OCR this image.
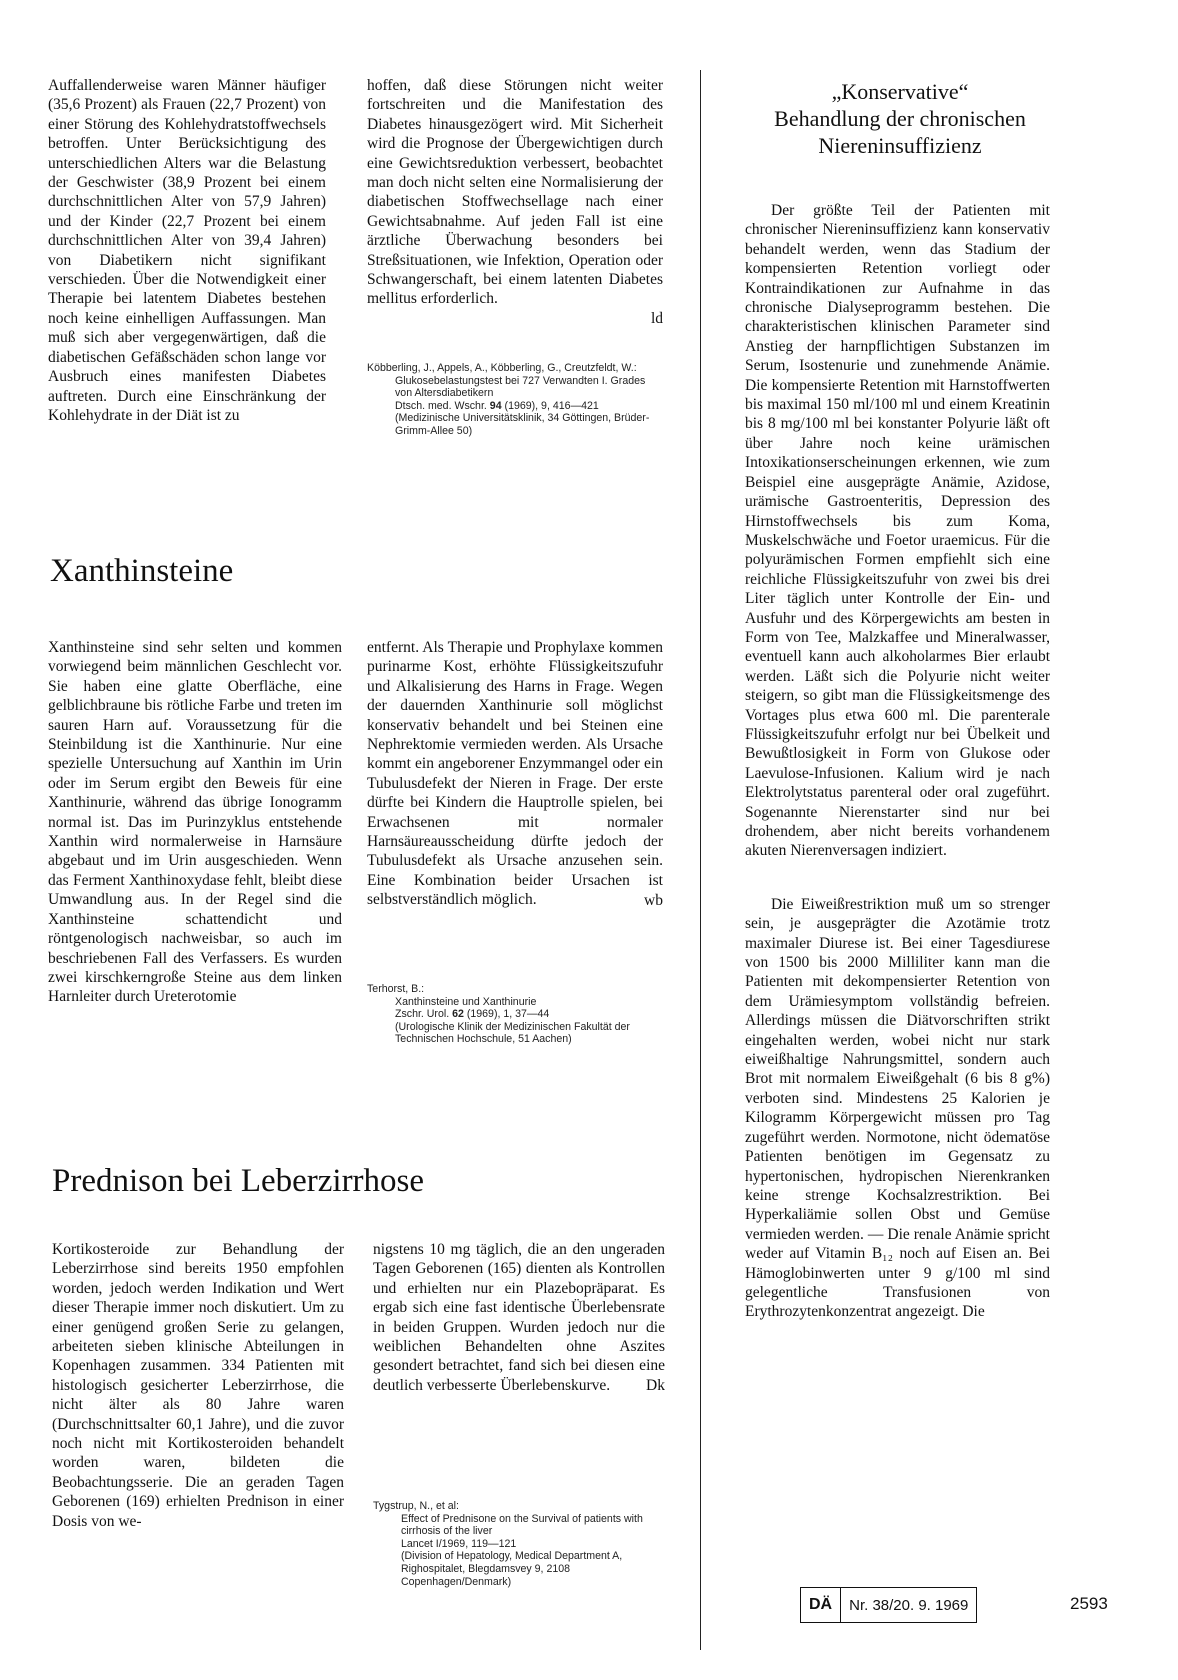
Auffallenderweise waren Männer häufiger (35,6 Prozent) als Frauen (22,7 Prozent) von einer Störung des Kohlehydratstoffwechsels betroffen. Unter Berücksichtigung des unterschiedlichen Alters war die Belastung der Geschwister (38,9 Prozent bei einem durchschnittlichen Alter von 57,9 Jahren) und der Kinder (22,7 Prozent bei einem durchschnittlichen Alter von 39,4 Jahren) von Diabetikern nicht signifikant verschieden. Über die Notwendigkeit einer Therapie bei latentem Diabetes bestehen noch keine einhelligen Auffassungen. Man muß sich aber vergegenwärtigen, daß die diabetischen Gefäßschäden schon lange vor Ausbruch eines manifesten Diabetes auftreten. Durch eine Einschränkung der Kohlehydrate in der Diät ist zu

hoffen, daß diese Störungen nicht weiter fortschreiten und die Manifestation des Diabetes hinausgezögert wird. Mit Sicherheit wird die Prognose der Übergewichtigen durch eine Gewichtsreduktion verbessert, beobachtet man doch nicht selten eine Normalisierung der diabetischen Stoffwechsellage nach einer Gewichtsabnahme. Auf jeden Fall ist eine ärztliche Überwachung besonders bei Streßsituationen, wie Infektion, Operation oder Schwangerschaft, bei einem latenten Diabetes mellitus erforderlich.

ld

Köbberling, J., Appels, A., Köbberling, G., Creutzfeldt, W.:

Glukosebelastungstest bei 727 Verwandten I. Grades von Altersdiabetikern

Dtsch. med. Wschr. 94 (1969), 9, 416—421

(Medizinische Universitätsklinik, 34 Göttingen, Brüder-Grimm-Allee 50)

Xanthinsteine

Xanthinsteine sind sehr selten und kommen vorwiegend beim männlichen Geschlecht vor. Sie haben eine glatte Oberfläche, eine gelblichbraune bis rötliche Farbe und treten im sauren Harn auf. Voraussetzung für die Steinbildung ist die Xanthinurie. Nur eine spezielle Untersuchung auf Xanthin im Urin oder im Serum ergibt den Beweis für eine Xanthinurie, während das übrige Ionogramm normal ist. Das im Purinzyklus entstehende Xanthin wird normalerweise in Harnsäure abgebaut und im Urin ausgeschieden. Wenn das Ferment Xanthinoxydase fehlt, bleibt diese Umwandlung aus. In der Regel sind die Xanthinsteine schattendicht und röntgenologisch nachweisbar, so auch im beschriebenen Fall des Verfassers. Es wurden zwei kirschkerngroße Steine aus dem linken Harnleiter durch Ureterotomie

entfernt. Als Therapie und Prophylaxe kommen purinarme Kost, erhöhte Flüssigkeitszufuhr und Alkalisierung des Harns in Frage. Wegen der dauernden Xanthinurie soll möglichst konservativ behandelt und bei Steinen eine Nephrektomie vermieden werden. Als Ursache kommt ein angeborener Enzymmangel oder ein Tubulusdefekt der Nieren in Frage. Der erste dürfte bei Kindern die Hauptrolle spielen, bei Erwachsenen mit normaler Harnsäureausscheidung dürfte jedoch der Tubulusdefekt als Ursache anzusehen sein. Eine Kombination beider Ursachen ist selbstverständlich möglich.	wb

Terhorst, B.:

Xanthinsteine und Xanthinurie

Zschr. Urol. 62 (1969), 1, 37—44

(Urologische Klinik der Medizinischen Fakultät der Technischen Hochschule, 51 Aachen)

Prednison bei Leberzirrhose

Kortikosteroide zur Behandlung der Leberzirrhose sind bereits 1950 empfohlen worden, jedoch werden Indikation und Wert dieser Therapie immer noch diskutiert. Um zu einer genügend großen Serie zu gelangen, arbeiteten sieben klinische Abteilungen in Kopenhagen zusammen. 334 Patienten mit histologisch gesicherter Leberzirrhose, die nicht älter als 80 Jahre waren (Durchschnittsalter 60,1 Jahre), und die zuvor noch nicht mit Kortikosteroiden behandelt worden waren, bildeten die Beobachtungsserie. Die an geraden Tagen Geborenen (169) erhielten Prednison in einer Dosis von we-

nigstens 10 mg täglich, die an den ungeraden Tagen Geborenen (165) dienten als Kontrollen und erhielten nur ein Plazebopräparat. Es ergab sich eine fast identische Überlebensrate in beiden Gruppen. Wurden jedoch nur die weiblichen Behandelten ohne Aszites gesondert betrachtet, fand sich bei diesen eine deutlich verbesserte Überlebenskurve.	Dk

Tygstrup, N., et al:

Effect of Prednisone on the Survival of patients with cirrhosis of the liver

Lancet I/1969, 119—121

(Division of Hepatology, Medical Department A, Righospitalet, Blegdamsvey 9, 2108 Copenhagen/Denmark)

„Konservative“
Behandlung der chronischen Niereninsuffizienz

Der größte Teil der Patienten mit chronischer Niereninsuffizienz kann konservativ behandelt werden, wenn das Stadium der kompensierten Retention vorliegt oder Kontraindikationen zur Aufnahme in das chronische Dialyseprogramm bestehen. Die charakteristischen klinischen Parameter sind Anstieg der harnpflichtigen Substanzen im Serum, Isostenurie und zunehmende Anämie. Die kompensierte Retention mit Harnstoffwerten bis maximal 150 ml/100 ml und einem Kreatinin bis 8 mg/100 ml bei konstanter Polyurie läßt oft über Jahre noch keine urämischen Intoxikationserscheinungen erkennen, wie zum Beispiel eine ausgeprägte Anämie, Azidose, urämische Gastroenteritis, Depression des Hirnstoffwechsels bis zum Koma, Muskelschwäche und Foetor uraemicus. Für die polyurämischen Formen empfiehlt sich eine reichliche Flüssigkeitszufuhr von zwei bis drei Liter täglich unter Kontrolle der Ein- und Ausfuhr und des Körpergewichts am besten in Form von Tee, Malzkaffee und Mineralwasser, eventuell kann auch alkoholarmes Bier erlaubt werden. Läßt sich die Polyurie nicht weiter steigern, so gibt man die Flüssigkeitsmenge des Vortages plus etwa 600 ml. Die parenterale Flüssigkeitszufuhr erfolgt nur bei Übelkeit und Bewußtlosigkeit in Form von Glukose oder Laevulose-Infusionen. Kalium wird je nach Elektrolytstatus parenteral oder oral zugeführt. Sogenannte Nierenstarter sind nur bei drohendem, aber nicht bereits vorhandenem akuten Nierenversagen indiziert.

Die Eiweißrestriktion muß um so strenger sein, je ausgeprägter die Azotämie trotz maximaler Diurese ist. Bei einer Tagesdiurese von 1500 bis 2000 Milliliter kann man die Patienten mit dekompensierter Retention von dem Urämiesymptom vollständig befreien. Allerdings müssen die Diätvorschriften strikt eingehalten werden, wobei nicht nur stark eiweißhaltige Nahrungsmittel, sondern auch Brot mit normalem Eiweißgehalt (6 bis 8 g%) verboten sind. Mindestens 25 Kalorien je Kilogramm Körpergewicht müssen pro Tag zugeführt werden. Normotone, nicht ödematöse Patienten benötigen im Gegensatz zu hypertonischen, hydropischen Nierenkranken keine strenge Kochsalzrestriktion. Bei Hyperkaliämie sollen Obst und Gemüse vermieden werden. — Die renale Anämie spricht weder auf Vitamin B₁₂ noch auf Eisen an. Bei Hämoglobinwerten unter 9 g/100 ml sind gelegentliche Transfusionen von Erythrozytenkonzentrat angezeigt. Die

DÄ	Nr. 38/20. 9. 1969	2593
